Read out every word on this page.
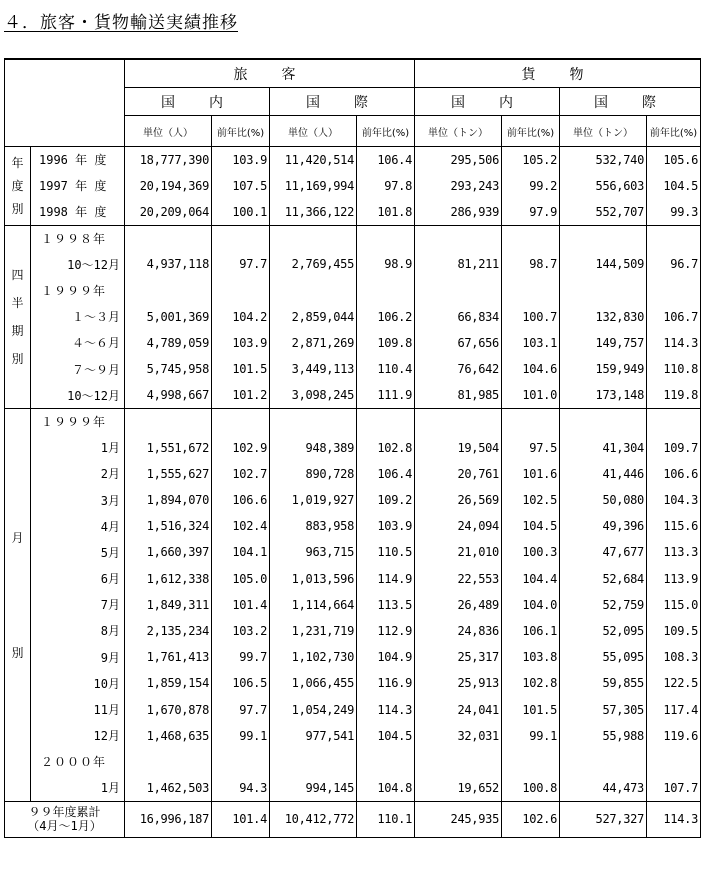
４．旅客・貨物輸送実績推移
		旅　客				貨　物			
		国　内		国　際		国　内		国　際	
		単位（人）	前年比(%)	単位（人）	前年比(%)	単位（トン）	前年比(%)	単位（トン）	前年比(%)

年
度
別	1996 年 度	18,777,390	103.9	11,420,514	106.4	295,506	105.2	532,740	105.6
	1997 年 度	20,194,369	107.5	11,169,994	97.8	293,243	99.2	556,603	104.5
	1998 年 度	20,209,064	100.1	11,366,122	101.8	286,939	97.9	552,707	99.3

四
半
期
別	１９９８年								
	10～12月	4,937,118	97.7	2,769,455	98.9	81,211	98.7	144,509	96.7
	１９９９年								
	１～３月	5,001,369	104.2	2,859,044	106.2	66,834	100.7	132,830	106.7
	４～６月	4,789,059	103.9	2,871,269	109.8	67,656	103.1	149,757	114.3
	７～９月	5,745,958	101.5	3,449,113	110.4	76,642	104.6	159,949	110.8
	10～12月	4,998,667	101.2	3,098,245	111.9	81,985	101.0	173,148	119.8

月
別	１９９９年								
	1月	1,551,672	102.9	948,389	102.8	19,504	97.5	41,304	109.7
	2月	1,555,627	102.7	890,728	106.4	20,761	101.6	41,446	106.6
	3月	1,894,070	106.6	1,019,927	109.2	26,569	102.5	50,080	104.3
	4月	1,516,324	102.4	883,958	103.9	24,094	104.5	49,396	115.6
	5月	1,660,397	104.1	963,715	110.5	21,010	100.3	47,677	113.3
	6月	1,612,338	105.0	1,013,596	114.9	22,553	104.4	52,684	113.9
	7月	1,849,311	101.4	1,114,664	113.5	26,489	104.0	52,759	115.0
	8月	2,135,234	103.2	1,231,719	112.9	24,836	106.1	52,095	109.5
	9月	1,761,413	99.7	1,102,730	104.9	25,317	103.8	55,095	108.3
	10月	1,859,154	106.5	1,066,455	116.9	25,913	102.8	59,855	122.5
	11月	1,670,878	97.7	1,054,249	114.3	24,041	101.5	57,305	117.4
	12月	1,468,635	99.1	977,541	104.5	32,031	99.1	55,988	119.6
	２０００年								
	1月	1,462,503	94.3	994,145	104.8	19,652	100.8	44,473	107.7

９９年度累計
（4月～1月）		16,996,187	101.4	10,412,772	110.1	245,935	102.6	527,327	114.3
